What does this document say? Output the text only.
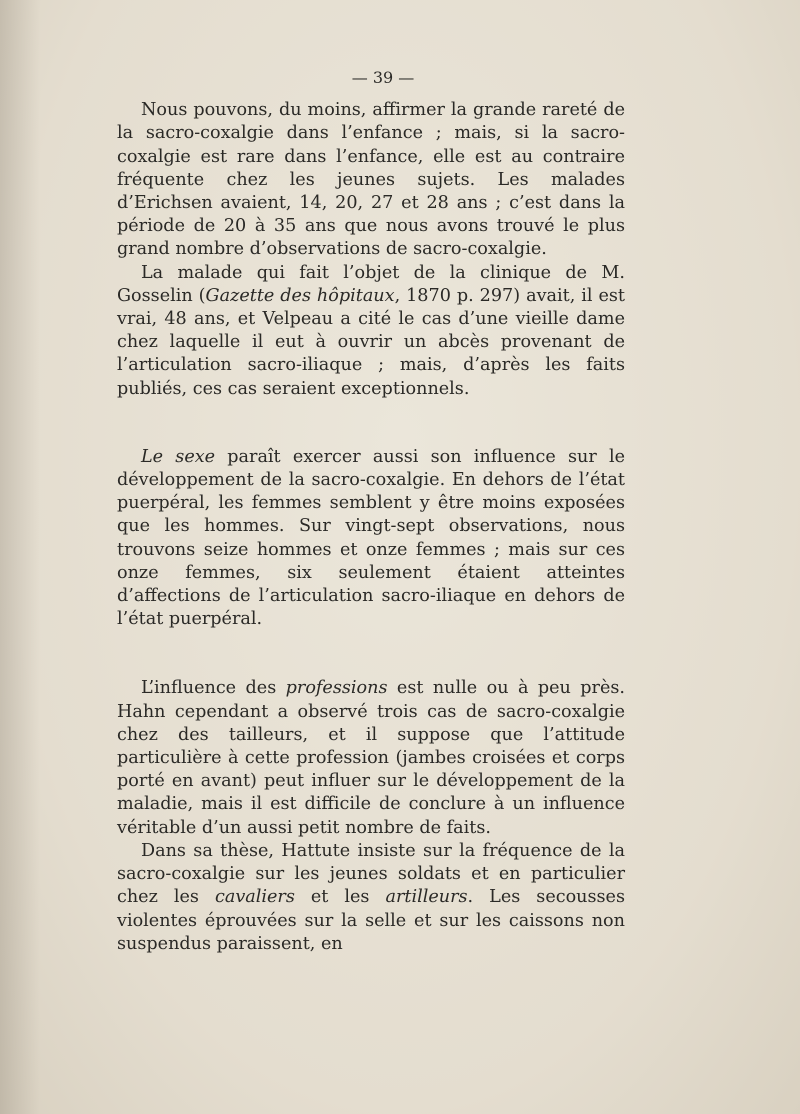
— 39 —

Nous pouvons, du moins, affirmer la grande rareté de la sacro-coxalgie dans l’enfance ; mais, si la sacro-coxalgie est rare dans l’enfance, elle est au contraire fréquente chez les jeunes sujets. Les malades d’Erichsen avaient, 14, 20, 27 et 28 ans ; c’est dans la période de 20 à 35 ans que nous avons trouvé le plus grand nombre d’observations de sacro-coxalgie.

La malade qui fait l’objet de la clinique de M. Gosselin (Gazette des hôpitaux, 1870 p. 297) avait, il est vrai, 48 ans, et Velpeau a cité le cas d’une vieille dame chez laquelle il eut à ouvrir un abcès provenant de l’articulation sacro-iliaque ; mais, d’après les faits publiés, ces cas seraient exceptionnels.

Le sexe paraît exercer aussi son influence sur le développement de la sacro-coxalgie. En dehors de l’état puerpéral, les femmes semblent y être moins exposées que les hommes. Sur vingt-sept observations, nous trouvons seize hommes et onze femmes ; mais sur ces onze femmes, six seulement étaient atteintes d’affections de l’articulation sacro-iliaque en dehors de l’état puerpéral.

L’influence des professions est nulle ou à peu près. Hahn cependant a observé trois cas de sacro-coxalgie chez des tailleurs, et il suppose que l’attitude particulière à cette profession (jambes croisées et corps porté en avant) peut influer sur le développement de la maladie, mais il est difficile de conclure à un influence véritable d’un aussi petit nombre de faits.

Dans sa thèse, Hattute insiste sur la fréquence de la sacro-coxalgie sur les jeunes soldats et en particulier chez les cavaliers et les artilleurs. Les secousses violentes éprouvées sur la selle et sur les caissons non suspendus paraissent, en
